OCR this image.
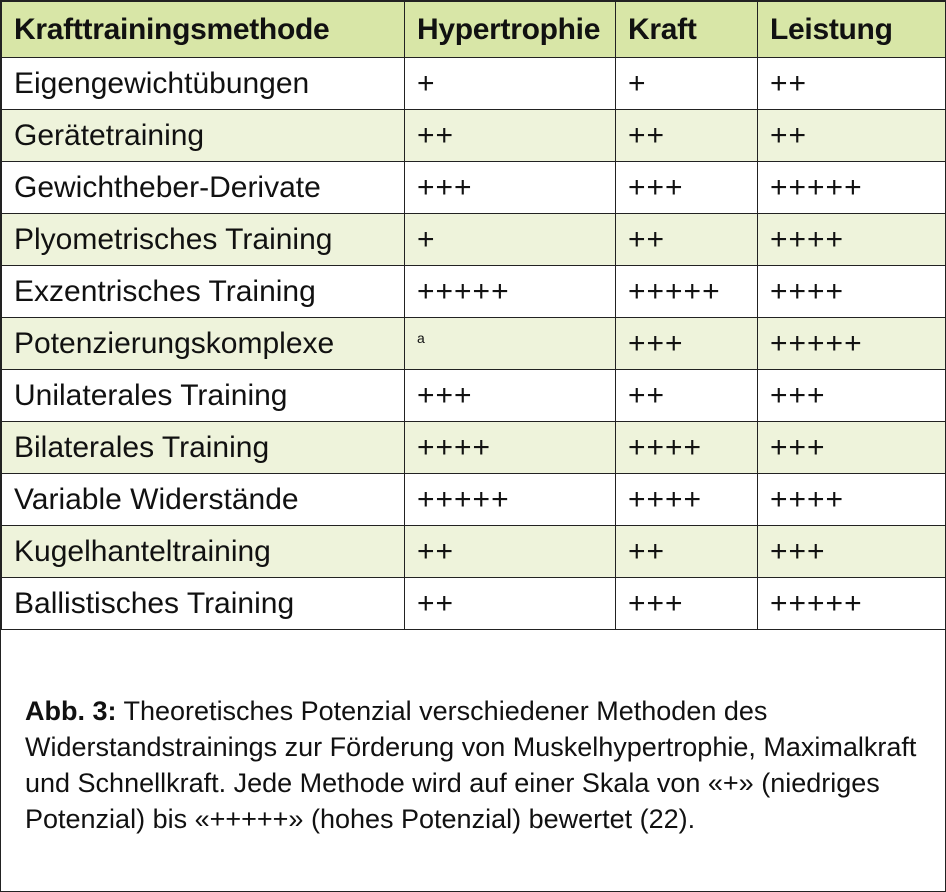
Krafttrainingsmethode	Hypertrophie	Kraft	Leistung
Eigengewichtübungen	+	+	++
Gerätetraining	++	++	++
Gewichtheber-Derivate	+++	+++	+++++
Plyometrisches Training	+	++	++++
Exzentrisches Training	+++++	+++++	++++
Potenzierungskomplexe	$^a$	+++	+++++
Unilaterales Training	+++	++	+++
Bilaterales Training	++++	++++	+++
Variable Widerstände	+++++	++++	++++
Kugelhanteltraining	++	++	+++
Ballistisches Training	++	+++	+++++
Abb. 3: Theoretisches Potenzial verschiedener Methoden des Widerstandstrainings zur Förderung von Muskelhypertrophie, Maximalkraft und Schnellkraft. Jede Methode wird auf einer Skala von «+» (niedriges Potenzial) bis «+++++» (hohes Potenzial) bewertet (22).
